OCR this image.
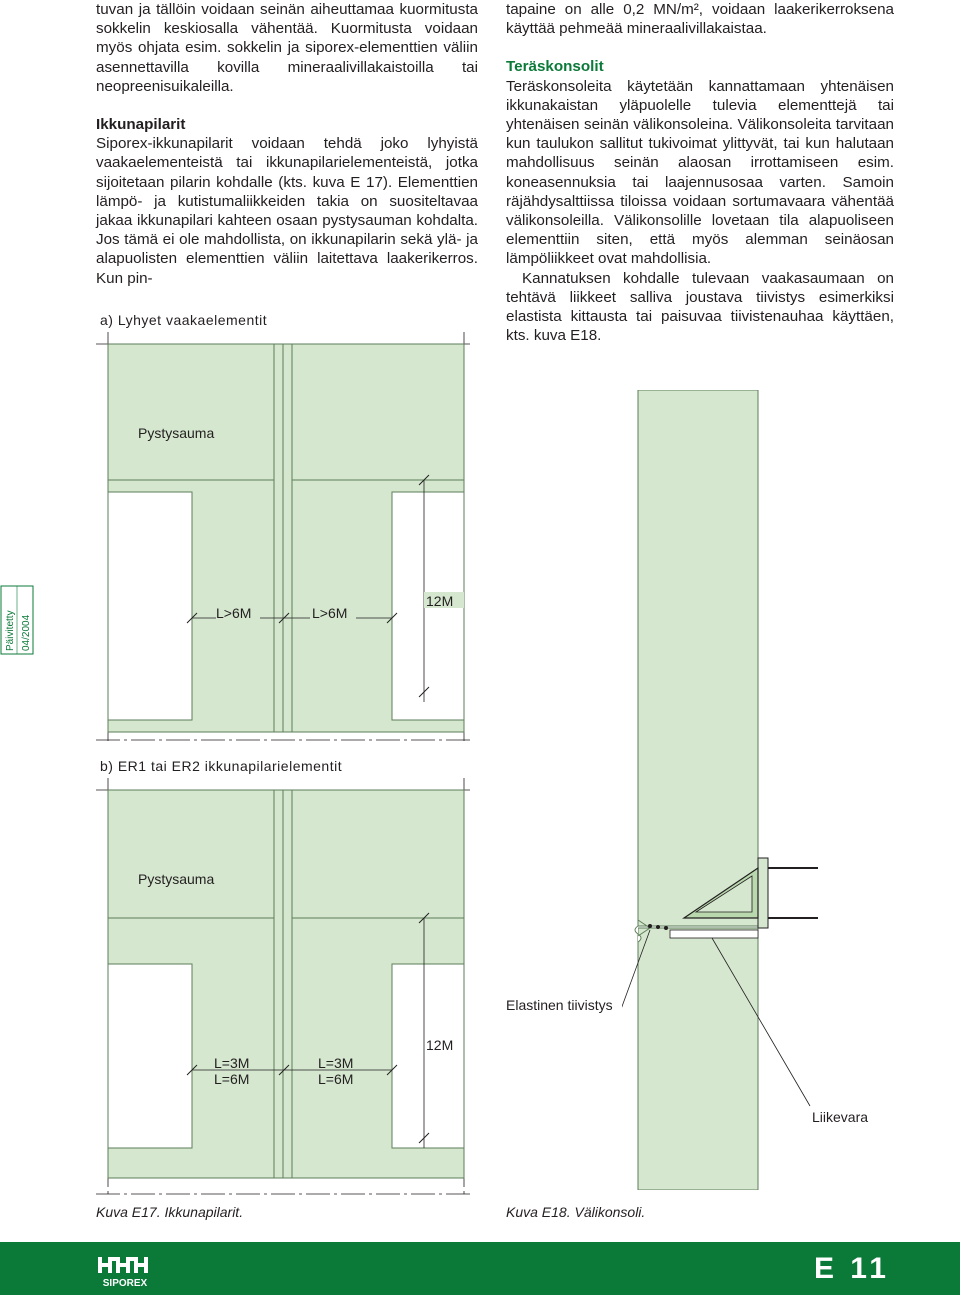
tuvan ja tällöin voidaan seinän aiheuttamaa kuormitusta sokkelin keskiosalla vähentää. Kuormitusta voidaan myös ohjata esim. sokkelin ja siporex-elementtien väliin asennettavilla kovilla mineraalivillakaistoilla tai neopreenisuikaleilla.

Ikkunapilarit

Siporex-ikkunapilarit voidaan tehdä joko lyhyistä vaakaelementeistä tai ikkunapilarielementeistä, jotka sijoitetaan pilarin kohdalle (kts. kuva E 17). Elementtien lämpö- ja kutistumaliikkeiden takia on suositeltavaa jakaa ikkunapilari kahteen osaan pystysauman kohdalta. Jos tämä ei ole mahdollista, on ikkunapilarin sekä ylä- ja alapuolisten elementtien väliin laitettava laakerikerros. Kun pin-

tapaine on alle 0,2 MN/m², voidaan laakerikerroksena käyttää pehmeää mineraalivillakaistaa.

Teräskonsolit

Teräskonsoleita käytetään kannattamaan yhtenäisen ikkunakaistan yläpuolelle tulevia elementtejä tai yhtenäisen seinän välikonsoleina. Välikonsoleita tarvitaan kun taulukon sallitut tukivoimat ylittyvät, tai kun halutaan mahdollisuus seinän alaosan irrottamiseen esim. koneasennuksia tai laajennusosaa varten. Samoin räjähdysalttiissa tiloissa voidaan sortumavaara vähentää välikonsoleilla. Välikonsolille lovetaan tila alapuoliseen elementtiin siten, että myös alemman seinäosan lämpöliikkeet ovat mahdollisia.

Kannatuksen kohdalle tulevaan vaakasaumaan on tehtävä liikkeet salliva joustava tiivistys esimerkiksi elastista kittausta tai paisuvaa tiivistenauhaa käyttäen, kts. kuva E18.

a) Lyhyet vaakaelementit
Pystysauma
L>6M	L>6M
12M
b) ER1 tai ER2 ikkunapilarielementit
Pystysauma
L=3M
L=6M
L=3M
L=6M
12M
Elastinen tiivistys
Liikevara
Kuva E17. Ikkunapilarit.	Kuva E18. Välikonsoli.
Päivitetty 04/2004
SIPOREX	E 11
